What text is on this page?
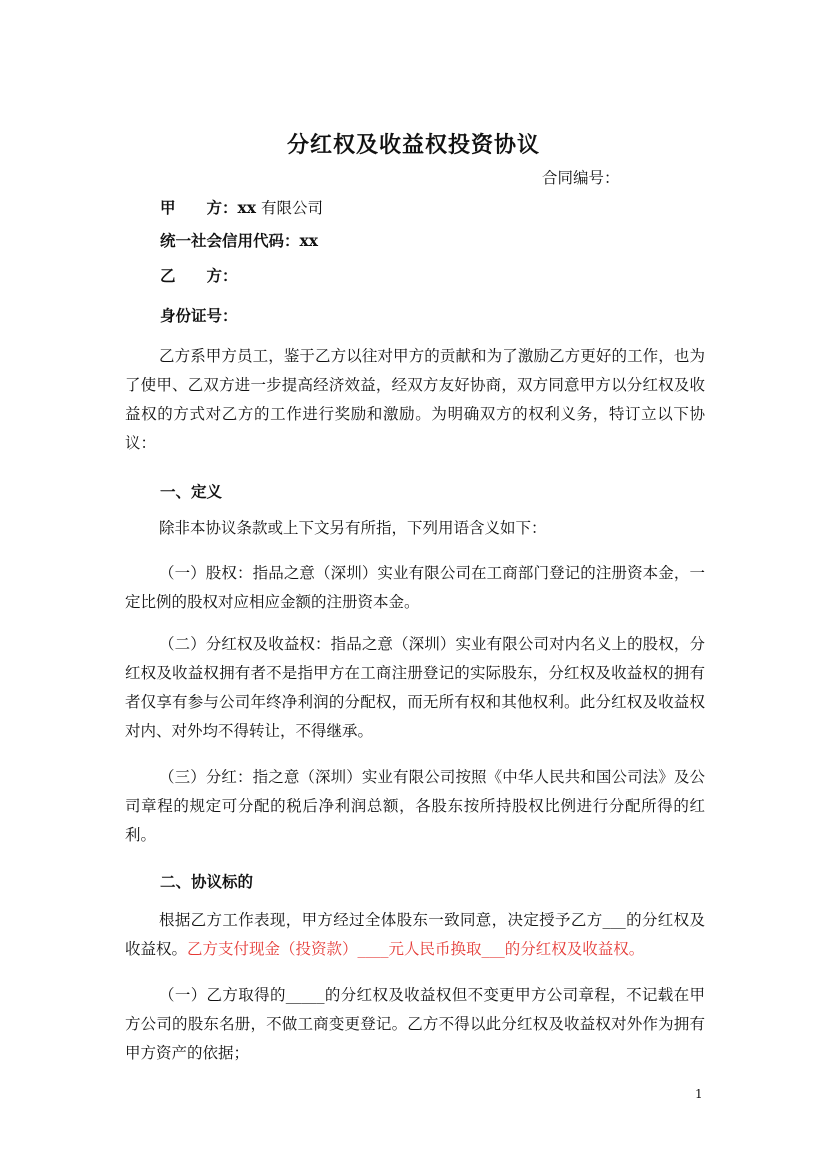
分红权及收益权投资协议
合同编号：
甲　　方：xx 有限公司
统一社会信用代码：xx
乙　　方：
身份证号：
乙方系甲方员工，鉴于乙方以往对甲方的贡献和为了激励乙方更好的工作，也为了使甲、乙双方进一步提高经济效益，经双方友好协商，双方同意甲方以分红权及收益权的方式对乙方的工作进行奖励和激励。为明确双方的权利义务，特订立以下协议：
一、定义
除非本协议条款或上下文另有所指，下列用语含义如下：
（一）股权：指品之意（深圳）实业有限公司在工商部门登记的注册资本金，一定比例的股权对应相应金额的注册资本金。
（二）分红权及收益权：指品之意（深圳）实业有限公司对内名义上的股权，分红权及收益权拥有者不是指甲方在工商注册登记的实际股东，分红权及收益权的拥有者仅享有参与公司年终净利润的分配权，而无所有权和其他权利。此分红权及收益权对内、对外均不得转让，不得继承。
（三）分红：指之意（深圳）实业有限公司按照《中华人民共和国公司法》及公司章程的规定可分配的税后净利润总额，各股东按所持股权比例进行分配所得的红利。
二、协议标的
根据乙方工作表现，甲方经过全体股东一致同意，决定授予乙方___的分红权及收益权。乙方支付现金（投资款）____元人民币换取___的分红权及收益权。
（一）乙方取得的_____的分红权及收益权但不变更甲方公司章程，不记载在甲方公司的股东名册，不做工商变更登记。乙方不得以此分红权及收益权对外作为拥有甲方资产的依据；
1
